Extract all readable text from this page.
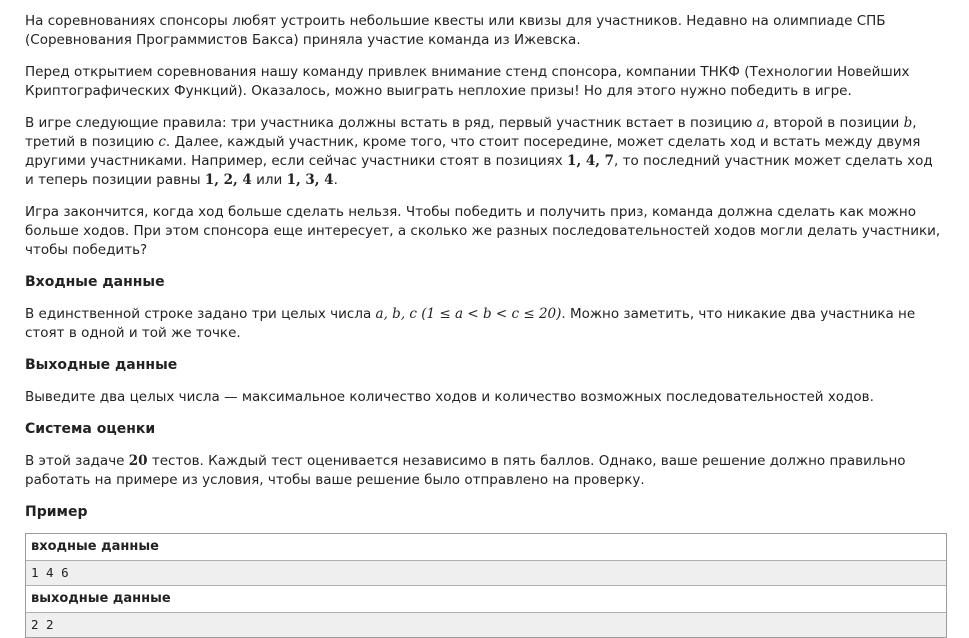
На соревнованиях спонсоры любят устроить небольшие квесты или квизы для участников. Недавно на олимпиаде СПБ (Соревнования Программистов Бакса) приняла участие команда из Ижевска.

Перед открытием соревнования нашу команду привлек внимание стенд спонсора, компании ТНКФ (Технологии Новейших Криптографических Функций). Оказалось, можно выиграть неплохие призы! Но для этого нужно победить в игре.

В игре следующие правила: три участника должны встать в ряд, первый участник встает в позицию a, второй в позиции b, третий в позицию c. Далее, каждый участник, кроме того, что стоит посередине, может сделать ход и встать между двумя другими участниками. Например, если сейчас участники стоят в позициях 1, 4, 7, то последний участник может сделать ход и теперь позиции равны 1, 2, 4 или 1, 3, 4.

Игра закончится, когда ход больше сделать нельзя. Чтобы победить и получить приз, команда должна сделать как можно больше ходов. При этом спонсора еще интересует, а сколько же разных последовательностей ходов могли делать участники, чтобы победить?

Входные данные

В единственной строке задано три целых числа a, b, c (1 ≤ a < b < c ≤ 20). Можно заметить, что никакие два участника не стоят в одной и той же точке.

Выходные данные

Выведите два целых числа — максимальное количество ходов и количество возможных последовательностей ходов.

Система оценки

В этой задаче 20 тестов. Каждый тест оценивается независимо в пять баллов. Однако, ваше решение должно правильно работать на примере из условия, чтобы ваше решение было отправлено на проверку.

Пример
входные данные
1 4 6
выходные данные
2 2
